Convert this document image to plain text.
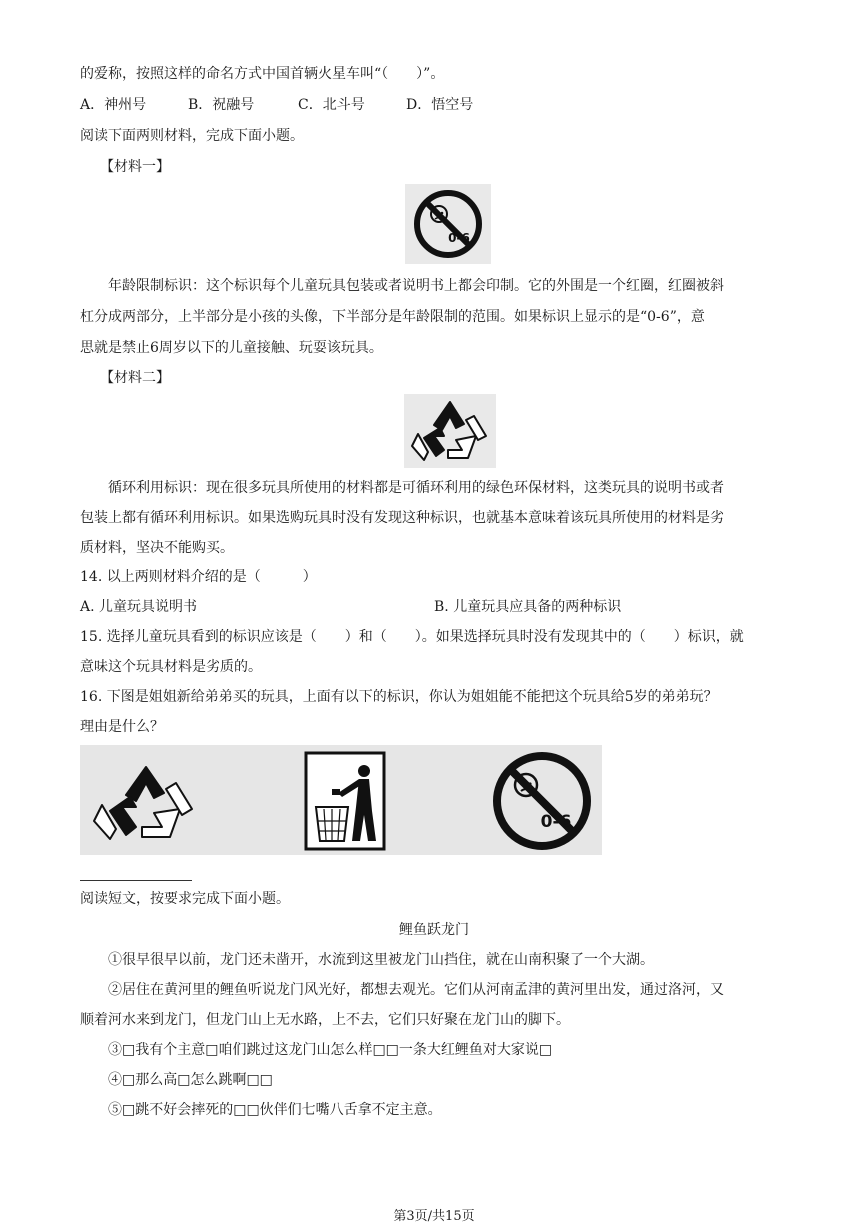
的爱称，按照这样的命名方式中国首辆火星车叫“（　　）”。
A．神州号	B．祝融号	C．北斗号	D．悟空号
阅读下面两则材料，完成下面小题。
【材料一】
0-6
年龄限制标识：这个标识每个儿童玩具包装或者说明书上都会印制。它的外围是一个红圈，红圈被斜
杠分成两部分，上半部分是小孩的头像，下半部分是年龄限制的范围。如果标识上显示的是“0-6”，意
思就是禁止6周岁以下的儿童接触、玩耍该玩具。
【材料二】
循环利用标识：现在很多玩具所使用的材料都是可循环利用的绿色环保材料，这类玩具的说明书或者
包装上都有循环利用标识。如果选购玩具时没有发现这种标识，也就基本意味着该玩具所使用的材料是劣
质材料，坚决不能购买。
14. 以上两则材料介绍的是（　　　）
A. 儿童玩具说明书	B. 儿童玩具应具备的两种标识
15. 选择儿童玩具看到的标识应该是（　　）和（　　）。如果选择玩具时没有发现其中的（　　）标识，就
意味这个玩具材料是劣质的。
16. 下图是姐姐新给弟弟买的玩具，上面有以下的标识，你认为姐姐能不能把这个玩具给5岁的弟弟玩？
理由是什么？
0-6
阅读短文，按要求完成下面小题。
鲤鱼跃龙门
①很早很早以前，龙门还未凿开，水流到这里被龙门山挡住，就在山南积聚了一个大湖。
②居住在黄河里的鲤鱼听说龙门风光好，都想去观光。它们从河南孟津的黄河里出发，通过洛河，又
顺着河水来到龙门，但龙门山上无水路，上不去，它们只好聚在龙门山的脚下。
③□我有个主意□咱们跳过这龙门山怎么样□□一条大红鲤鱼对大家说□
④□那么高□怎么跳啊□□
⑤□跳不好会摔死的□□伙伴们七嘴八舌拿不定主意。
第3页/共15页
